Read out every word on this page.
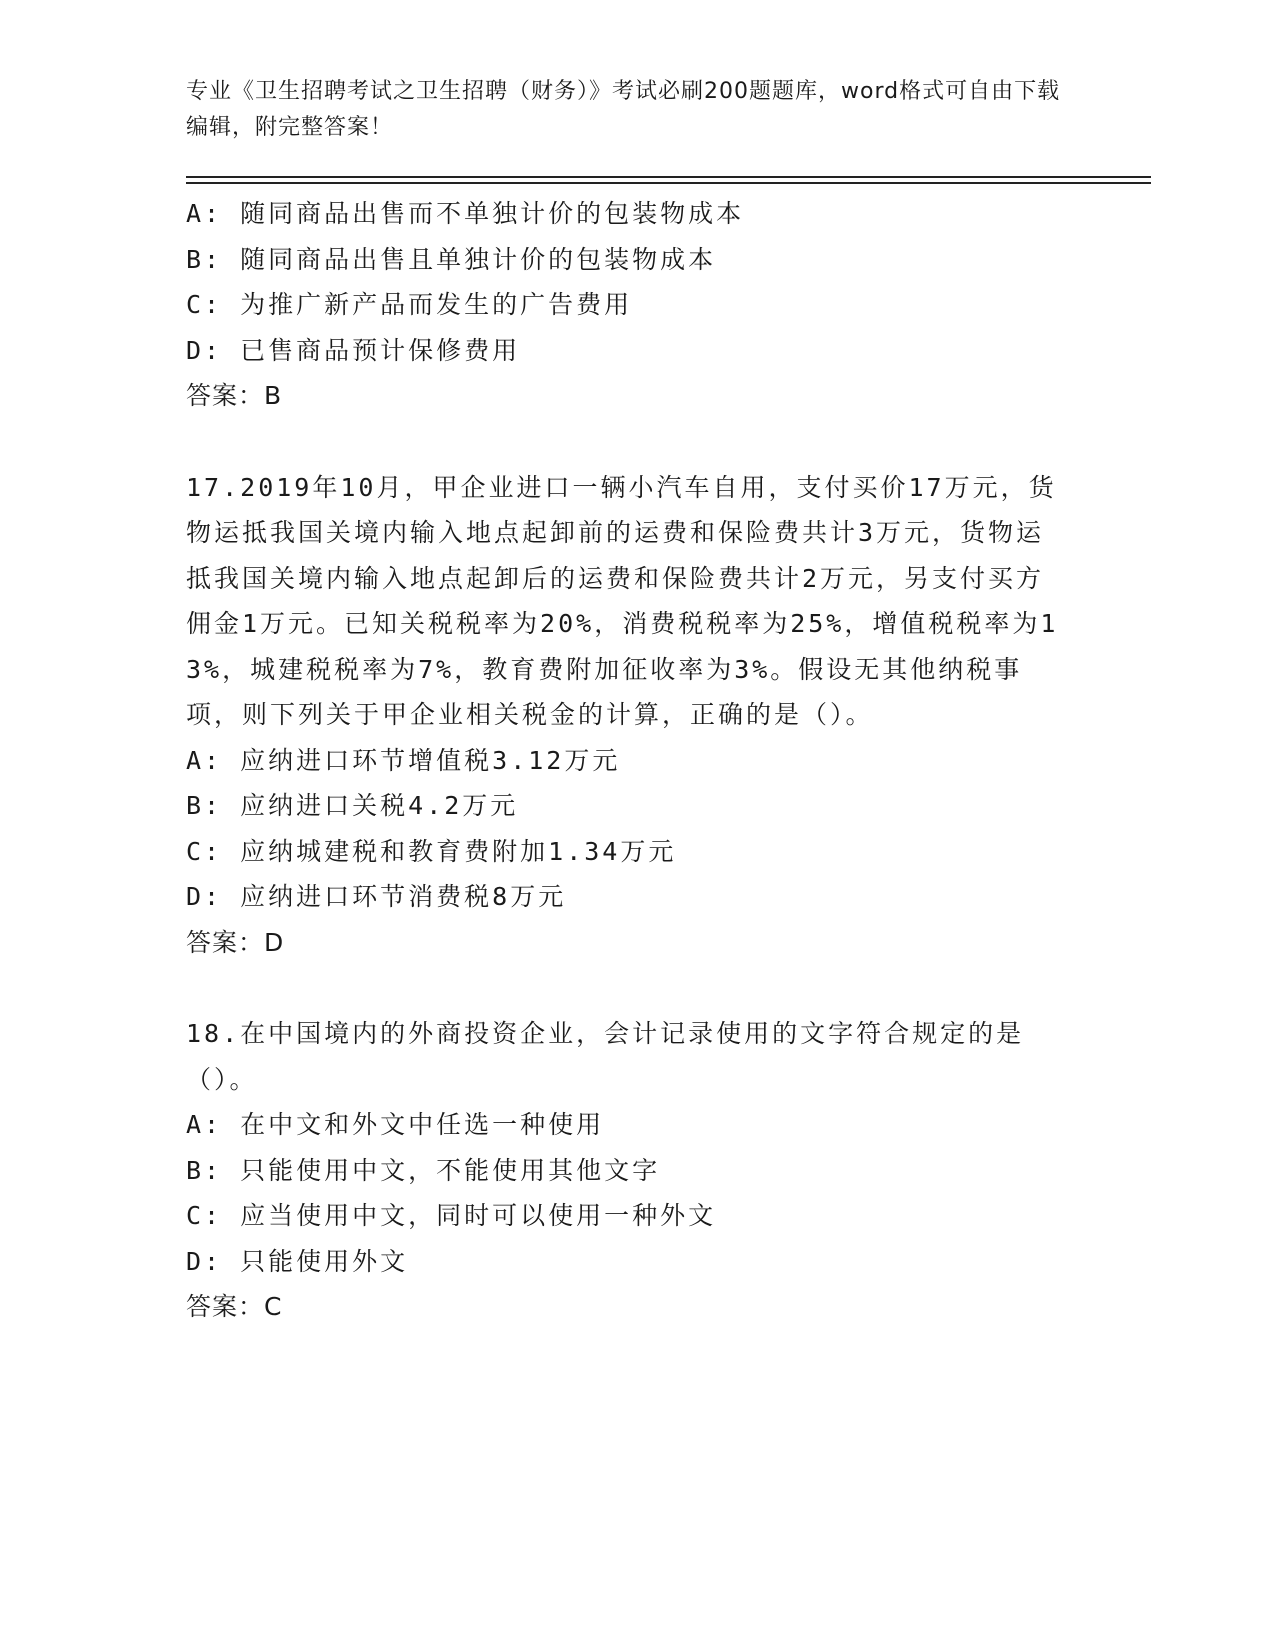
专业《卫生招聘考试之卫生招聘（财务）》考试必刷200题题库，word格式可自由下载编辑，附完整答案！
A: 随同商品出售而不单独计价的包装物成本
B: 随同商品出售且单独计价的包装物成本
C: 为推广新产品而发生的广告费用
D: 已售商品预计保修费用
答案：B
17.2019年10月，甲企业进口一辆小汽车自用，支付买价17万元，货物运抵我国关境内输入地点起卸前的运费和保险费共计3万元，货物运抵我国关境内输入地点起卸后的运费和保险费共计2万元，另支付买方佣金1万元。已知关税税率为20%，消费税税率为25%，增值税税率为13%，城建税税率为7%，教育费附加征收率为3%。假设无其他纳税事项，则下列关于甲企业相关税金的计算，正确的是（）。
A: 应纳进口环节增值税3.12万元
B: 应纳进口关税4.2万元
C: 应纳城建税和教育费附加1.34万元
D: 应纳进口环节消费税8万元
答案：D
18.在中国境内的外商投资企业，会计记录使用的文字符合规定的是（）。
A: 在中文和外文中任选一种使用
B: 只能使用中文，不能使用其他文字
C: 应当使用中文，同时可以使用一种外文
D: 只能使用外文
答案：C
